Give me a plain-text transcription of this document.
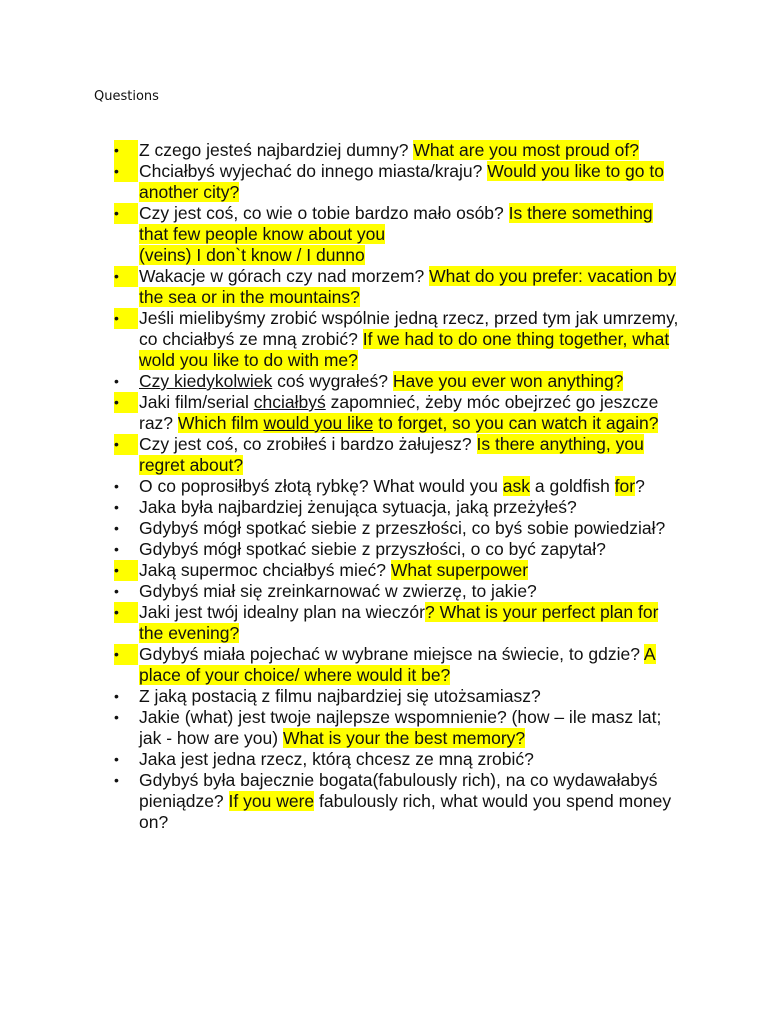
Questions
•	Z czego jesteś najbardziej dumny? What are you most proud of?
•	Chciałbyś wyjechać do innego miasta/kraju? Would you like to go to another city?
•	Czy jest coś, co wie o tobie bardzo mało osób? Is there something that few people know about you
(veins) I don`t know / I dunno
•	Wakacje w górach czy nad morzem? What do you prefer: vacation by the sea or in the mountains?
•	Jeśli mielibyśmy zrobić wspólnie jedną rzecz, przed tym jak umrzemy, co chciałbyś ze mną zrobić? If we had to do one thing together, what wold you like to do with me?
•	Czy kiedykolwiek coś wygrałeś? Have you ever won anything?
•	Jaki film/serial chciałbyś zapomnieć, żeby móc obejrzeć go jeszcze raz? Which film would you like to forget, so you can watch it again?
•	Czy jest coś, co zrobiłeś i bardzo żałujesz? Is there anything, you regret about?
•	O co poprosiłbyś złotą rybkę? What would you ask a goldfish for?
•	Jaka była najbardziej żenująca sytuacja, jaką przeżyłeś?
•	Gdybyś mógł spotkać siebie z przeszłości, co byś sobie powiedział?
•	Gdybyś mógł spotkać siebie z przyszłości, o co być zapytał?
•	Jaką supermoc chciałbyś mieć? What superpower
•	Gdybyś miał się zreinkarnować w zwierzę, to jakie?
•	Jaki jest twój idealny plan na wieczór? What is your perfect plan for the evening?
•	Gdybyś miała pojechać w wybrane miejsce na świecie, to gdzie? A place of your choice/ where would it be?
•	Z jaką postacią z filmu najbardziej się utożsamiasz?
•	Jakie (what) jest twoje najlepsze wspomnienie? (how – ile masz lat; jak - how are you) What is your the best memory?
•	Jaka jest jedna rzecz, którą chcesz ze mną zrobić?
•	Gdybyś była bajecznie bogata(fabulously rich), na co wydawałabyś pieniądze? If you were fabulously rich, what would you spend money on?
